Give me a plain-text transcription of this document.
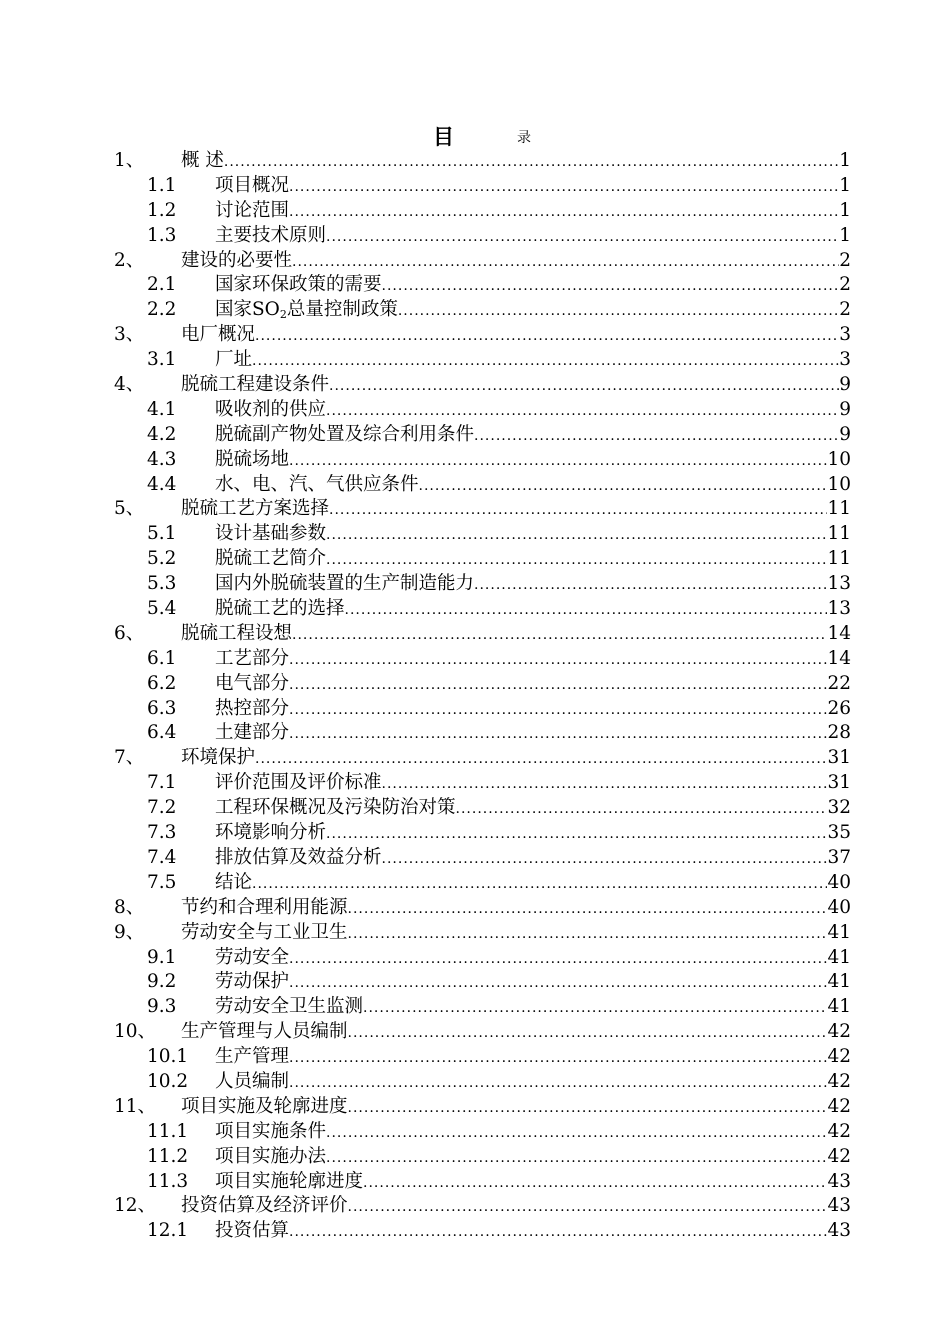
目	录
1、 概 述 .....	1
1.1 项目概况 .....	1
1.2 讨论范围 .....	1
1.3 主要技术原则 .....	1
2、 建设的必要性 .....	2
2.1 国家环保政策的需要 .....	2
2.2 国家$SO_2$总量控制政策 .....	2
3、 电厂概况 .....	3
3.1 厂址 .....	3
4、 脱硫工程建设条件 .....	9
4.1 吸收剂的供应 .....	9
4.2 脱硫副产物处置及综合利用条件 .....	9
4.3 脱硫场地 .....	10
4.4 水、电、汽、气供应条件 .....	10
5、 脱硫工艺方案选择 .....	11
5.1 设计基础参数 .....	11
5.2 脱硫工艺简介 .....	11
5.3 国内外脱硫装置的生产制造能力 .....	13
5.4 脱硫工艺的选择 .....	13
6、 脱硫工程设想 .....	14
6.1 工艺部分 .....	14
6.2 电气部分 .....	22
6.3 热控部分 .....	26
6.4 土建部分 .....	28
7、 环境保护 .....	31
7.1 评价范围及评价标准 .....	31
7.2 工程环保概况及污染防治对策 .....	32
7.3 环境影响分析 .....	35
7.4 排放估算及效益分析 .....	37
7.5 结论 .....	40
8、 节约和合理利用能源 .....	40
9、 劳动安全与工业卫生 .....	41
9.1 劳动安全 .....	41
9.2 劳动保护 .....	41
9.3 劳动安全卫生监测 .....	41
10、 生产管理与人员编制 .....	42
10.1 生产管理 .....	42
10.2 人员编制 .....	42
11、 项目实施及轮廓进度 .....	42
11.1 项目实施条件 .....	42
11.2 项目实施办法 .....	42
11.3 项目实施轮廓进度 .....	43
12、 投资估算及经济评价 .....	43
12.1 投资估算 .....	43
